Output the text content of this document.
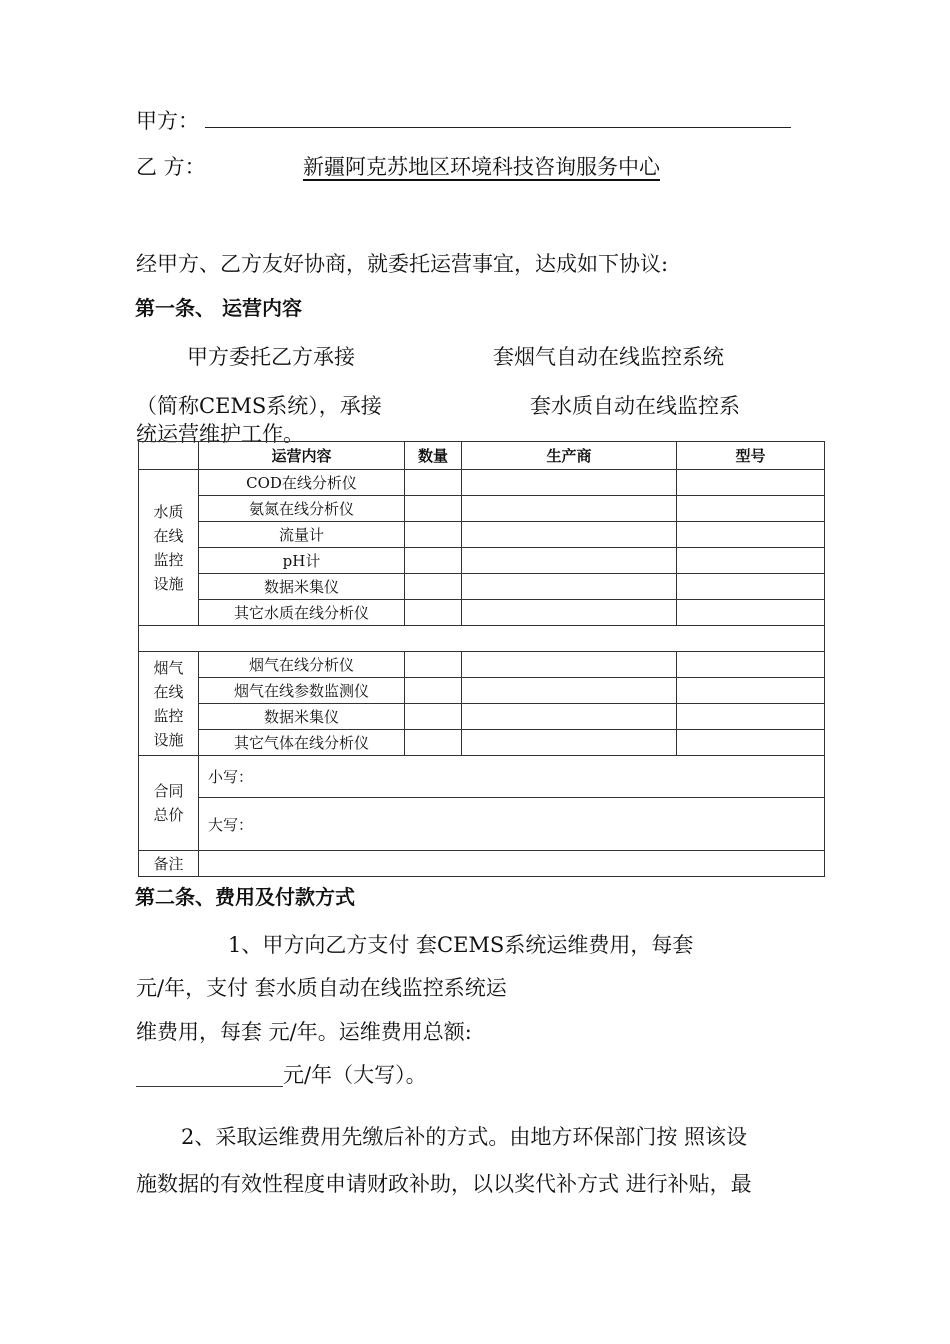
甲方：
乙 方：	新疆阿克苏地区环境科技咨询服务中心
经甲方、乙方友好协商，就委托运营事宜，达成如下协议:
第一条、 运营内容
甲方委托乙方承接	套烟气自动在线监控系统
（简称CEMS系统），承接	套水质自动在线监控系
统运营维护工作。
	运营内容	数量	生产商	型号

水质
在线
监控
设施	COD在线分析仪			
	氨氮在线分析仪			
	流量计			
	pH计			
	数据米集仪			
	其它水质在线分析仪			

烟气
在线
监控
设施	烟气在线分析仪			
	烟气在线参数监测仪			
	数据米集仪			
	其它气体在线分析仪			

合同
总价	小写：			
	大写：			
备注				
第二条、费用及付款方式
1、甲方向乙方支付 套CEMS系统运维费用，每套
元/年，支付 套水质自动在线监控系统运
维费用，每套 元/年。运维费用总额:
______________元/年（大写）。
2、采取运维费用先缴后补的方式。由地方环保部门按 照该设
施数据的有效性程度申请财政补助，以以奖代补方式 进行补贴，最
